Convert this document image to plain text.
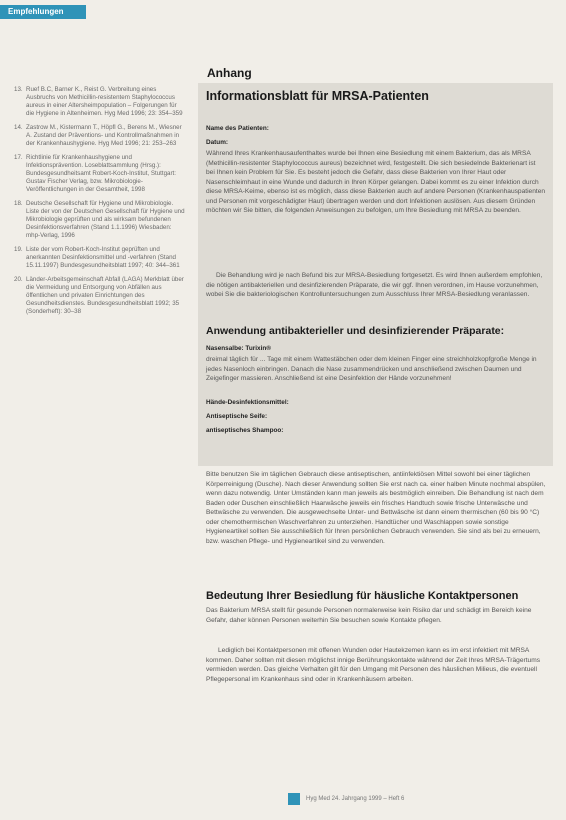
Empfehlungen
13. Ruef B.C, Barner K., Reist G. Verbreitung eines Ausbruchs von Methicillin-resistentem Staphylococcus aureus in einer Altersheimpopulation – Folgerungen für die Hygiene in Altenheimen. Hyg Med 1996; 23: 354–359
14. Zastrow M., Kistermann T., Höpfl G., Berens M., Wiesner A. Zustand der Präventions- und Kontrollmaßnahmen in der Krankenhaushygiene. Hyg Med 1996; 21: 253–263
17. Richtlinie für Krankenhaushygiene und Infektionsprävention. Loseblattsammlung (Hrsg.): Bundesgesundheitsamt Robert-Koch-Institut, Stuttgart: Gustav Fischer Verlag, bzw. Mikrobiologie-Veröffentlichungen in der Gesamtheit, 1998
18. Deutsche Gesellschaft für Hygiene und Mikrobiologie. Liste der von der Deutschen Gesellschaft für Hygiene und Mikrobiologie geprüften und als wirksam befundenen Desinfektionsverfahren (Stand 1.1.1996) Wiesbaden: mhp-Verlag, 1996
19. Liste der vom Robert-Koch-Institut geprüften und anerkannten Desinfektionsmittel und -verfahren (Stand 15.11.1997) Bundesgesundheitsblatt 1997; 40: 344–361
20. Länder-Arbeitsgemeinschaft Abfall (LAGA) Merkblatt über die Vermeidung und Entsorgung von Abfällen aus öffentlichen und privaten Einrichtungen des Gesundheitsdienstes. Bundesgesundheitsblatt 1992; 35 (Sonderheft): 30–38
Anhang
Informationsblatt für MRSA-Patienten
Name des Patienten:
Datum:
Während Ihres Krankenhausaufenthaltes wurde bei Ihnen eine Besiedlung mit einem Bakterium, das als MRSA (Methicillin-resistenter Staphylococcus aureus) bezeichnet wird, festgestellt. Die sich besiedelnde Bakterienart ist bei Ihnen kein Problem für Sie. Es besteht jedoch die Gefahr, dass diese Bakterien von Ihrer Haut oder Nasenschleimhaut in eine Wunde und dadurch in Ihren Körper gelangen. Dabei kommt es zu einer Infektion durch diese MRSA-Keime, ebenso ist es möglich, dass diese Bakterien auch auf andere Personen (Krankenhauspatienten und Personen mit vorgeschädigter Haut) übertragen werden und dort Infektionen auslösen. Aus diesem Gründen möchten wir Sie bitten, die folgenden Anweisungen zu befolgen, um Ihre Besiedlung mit MRSA zu beenden.
Die Behandlung wird je nach Befund bis zur MRSA-Besiedlung fortgesetzt. Es wird Ihnen außerdem empfohlen, die nötigen antibakteriellen und desinfizierenden Präparate, die wir ggf. Ihnen verordnen, im Hause vorzunehmen, wobei Sie die bakteriologischen Kontrolluntersuchungen zum Ausschluss Ihrer MRSA-Besiedlung veranlassen.
Anwendung antibakterieller und desinfizierender Präparate:
Nasensalbe: Turixin®
dreimal täglich für ... Tage mit einem Wattestäbchen oder dem kleinen Finger eine streichholzkopfgroße Menge in jedes Nasenloch einbringen. Danach die Nase zusammendrücken und anschließend zwischen Daumen und Zeigefinger massieren. Anschließend ist eine Desinfektion der Hände vorzunehmen!
Hände-Desinfektionsmittel:
Antiseptische Seife:
antiseptisches Shampoo:
Bitte benutzen Sie im täglichen Gebrauch diese antiseptischen, antiinfektiösen Mittel sowohl bei einer täglichen Körperreinigung (Dusche). Nach dieser Anwendung sollten Sie erst nach ca. einer halben Minute nochmal abspülen, wenn dazu notwendig. Unter Umständen kann man jeweils als bestmöglich einreiben. Die Behandlung ist nach dem Baden oder Duschen einschließlich Haarwäsche jeweils ein frisches Handtuch sowie frische Unterwäsche und Bettwäsche zu verwenden. Die ausgewechselte Unter- und Bettwäsche ist dann einem thermischen (60 bis 90 °C) oder chemothermischen Waschverfahren zu unterziehen. Handtücher und Waschlappen sowie sonstige Hygieneartikel sollten Sie ausschließlich für Ihren persönlichen Gebrauch verwenden. Sie sind als bei zu erneuern, bzw. waschen Pflege- und Hygieneartikel sind zu verwenden.
Bedeutung Ihrer Besiedlung für häusliche Kontaktpersonen
Das Bakterium MRSA stellt für gesunde Personen normalerweise kein Risiko dar und schädigt im Bereich keine Gefahr, daher können Personen weiterhin Sie besuchen sowie Kontakte pflegen.
Lediglich bei Kontaktpersonen mit offenen Wunden oder Hautekzemen kann es im erst infektiert mit MRSA kommen. Daher sollten mit diesen möglichst innige Berührungskontakte während der Zeit Ihres MRSA-Trägertums vermieden werden. Das gleiche Verhalten gilt für den Umgang mit Personen des häuslichen Milieus, die eventuell Pflegepersonal im Krankenhaus sind oder in Krankenhäusern arbeiten.
Hyg Med 24. Jahrgang 1999 – Heft 6
